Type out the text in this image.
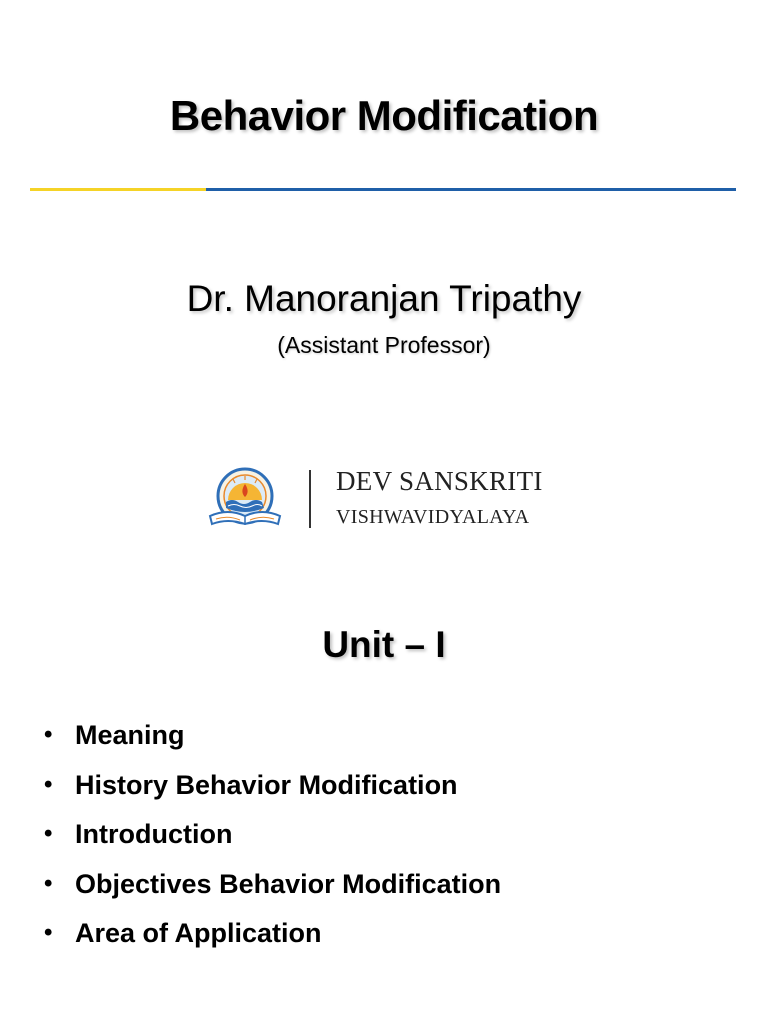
Behavior Modification
Dr. Manoranjan Tripathy
(Assistant Professor)
DEV SANSKRITI
VISHWAVIDYALAYA
Unit – I
• Meaning
• History Behavior Modification
• Introduction
• Objectives Behavior Modification
• Area of Application
